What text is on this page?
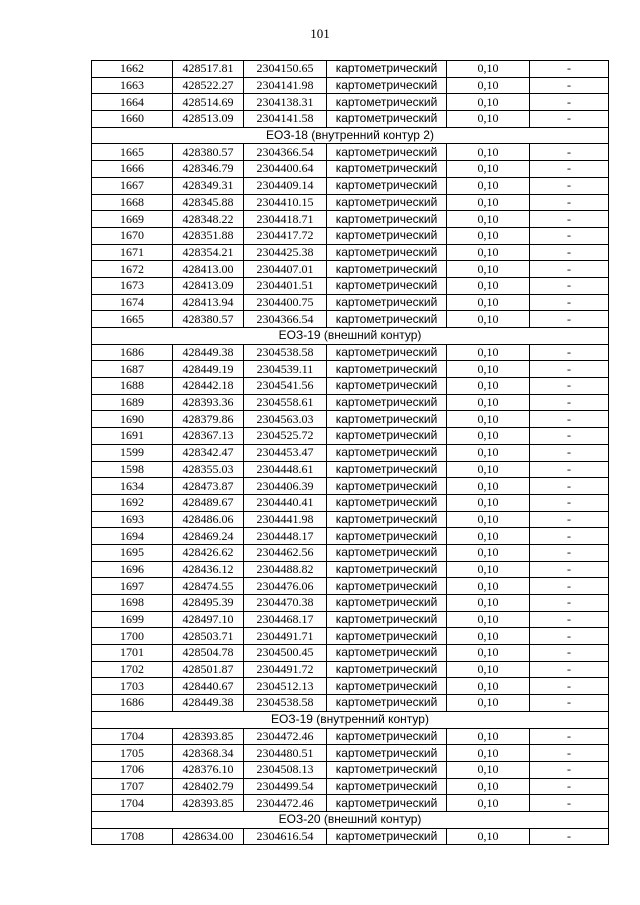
101
1662	428517.81	2304150.65	картометрический	0,10	-
1663	428522.27	2304141.98	картометрический	0,10	-
1664	428514.69	2304138.31	картометрический	0,10	-
1660	428513.09	2304141.58	картометрический	0,10	-
ЕОЗ-18 (внутренний контур 2)					
1665	428380.57	2304366.54	картометрический	0,10	-
1666	428346.79	2304400.64	картометрический	0,10	-
1667	428349.31	2304409.14	картометрический	0,10	-
1668	428345.88	2304410.15	картометрический	0,10	-
1669	428348.22	2304418.71	картометрический	0,10	-
1670	428351.88	2304417.72	картометрический	0,10	-
1671	428354.21	2304425.38	картометрический	0,10	-
1672	428413.00	2304407.01	картометрический	0,10	-
1673	428413.09	2304401.51	картометрический	0,10	-
1674	428413.94	2304400.75	картометрический	0,10	-
1665	428380.57	2304366.54	картометрический	0,10	-
ЕОЗ-19 (внешний контур)					
1686	428449.38	2304538.58	картометрический	0,10	-
1687	428449.19	2304539.11	картометрический	0,10	-
1688	428442.18	2304541.56	картометрический	0,10	-
1689	428393.36	2304558.61	картометрический	0,10	-
1690	428379.86	2304563.03	картометрический	0,10	-
1691	428367.13	2304525.72	картометрический	0,10	-
1599	428342.47	2304453.47	картометрический	0,10	-
1598	428355.03	2304448.61	картометрический	0,10	-
1634	428473.87	2304406.39	картометрический	0,10	-
1692	428489.67	2304440.41	картометрический	0,10	-
1693	428486.06	2304441.98	картометрический	0,10	-
1694	428469.24	2304448.17	картометрический	0,10	-
1695	428426.62	2304462.56	картометрический	0,10	-
1696	428436.12	2304488.82	картометрический	0,10	-
1697	428474.55	2304476.06	картометрический	0,10	-
1698	428495.39	2304470.38	картометрический	0,10	-
1699	428497.10	2304468.17	картометрический	0,10	-
1700	428503.71	2304491.71	картометрический	0,10	-
1701	428504.78	2304500.45	картометрический	0,10	-
1702	428501.87	2304491.72	картометрический	0,10	-
1703	428440.67	2304512.13	картометрический	0,10	-
1686	428449.38	2304538.58	картометрический	0,10	-
ЕОЗ-19 (внутренний контур)					
1704	428393.85	2304472.46	картометрический	0,10	-
1705	428368.34	2304480.51	картометрический	0,10	-
1706	428376.10	2304508.13	картометрический	0,10	-
1707	428402.79	2304499.54	картометрический	0,10	-
1704	428393.85	2304472.46	картометрический	0,10	-
ЕОЗ-20 (внешний контур)					
1708	428634.00	2304616.54	картометрический	0,10	-
